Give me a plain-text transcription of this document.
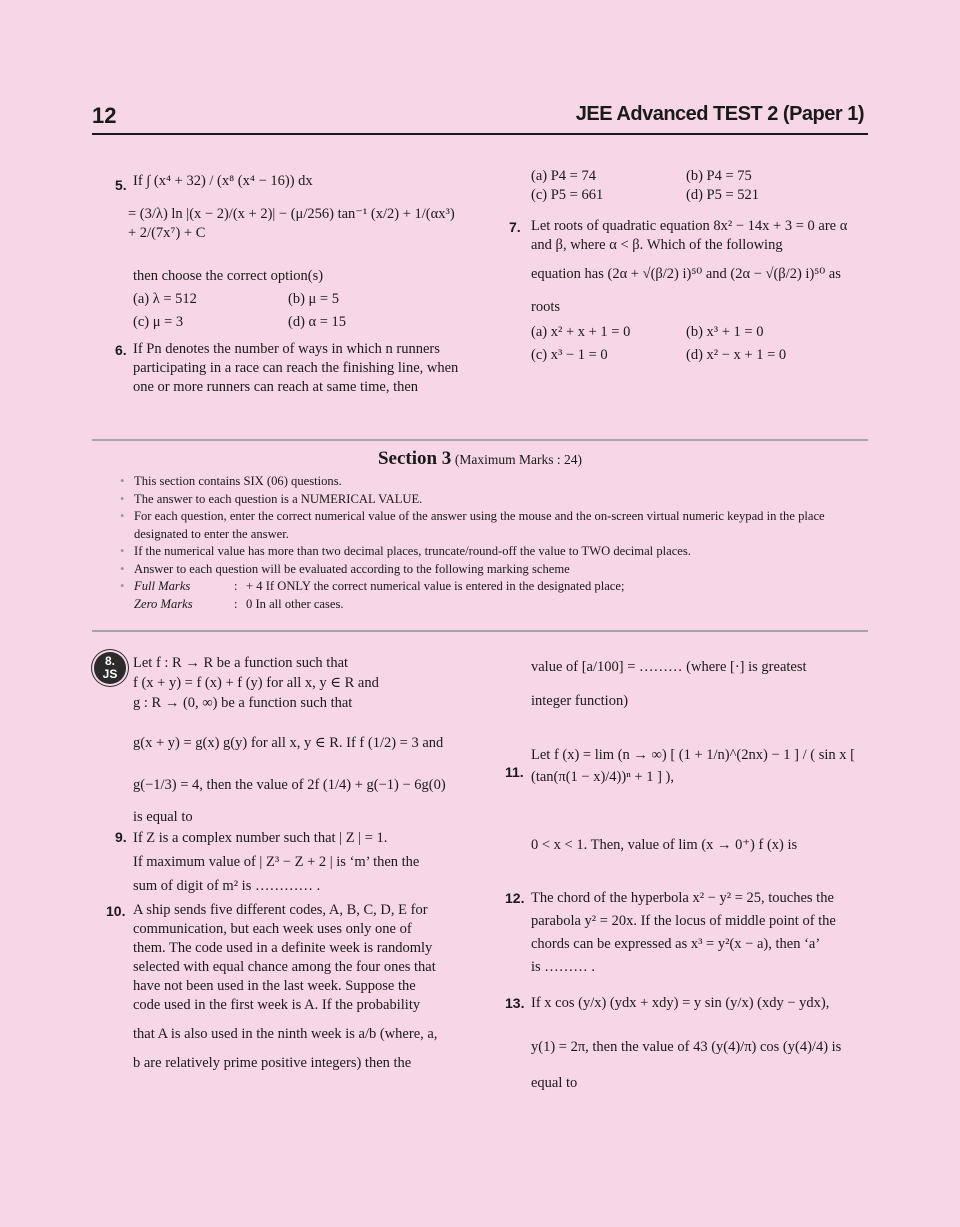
12	JEE Advanced TEST 2 (Paper 1)
5. If ∫ (x⁴ + 32) / (x⁸ (x⁴ − 16)) dx
= (3/λ) ln |(x − 2)/(x + 2)| − (μ/256) tan⁻¹ (x/2) + 1/(αx³) + 2/(7x⁷) + C
then choose the correct option(s)
(a) λ = 512	(b) μ = 5
(c) μ = 3	(d) α = 15
6. If Pn denotes the number of ways in which n runners participating in a race can reach the finishing line, when one or more runners can reach at same time, then
(a) P4 = 74	(b) P4 = 75
(c) P5 = 661	(d) P5 = 521
7. Let roots of quadratic equation 8x² − 14x + 3 = 0 are α and β, where α < β. Which of the following
equation has (2α + √(β/2) i)⁵⁰ and (2α − √(β/2) i)⁵⁰ as
roots
(a) x² + x + 1 = 0	(b) x³ + 1 = 0
(c) x³ − 1 = 0	(d) x² − x + 1 = 0
Section 3 (Maximum Marks : 24)
• This section contains SIX (06) questions.
• The answer to each question is a NUMERICAL VALUE.
• For each question, enter the correct numerical value of the answer using the mouse and the on-screen virtual numeric keypad in the place designated to enter the answer.
• If the numerical value has more than two decimal places, truncate/round-off the value to TWO decimal places.
• Answer to each question will be evaluated according to the following marking scheme
• Full Marks	: + 4 If ONLY the correct numerical value is entered in the designated place;
Zero Marks	: 0 In all other cases.
8.
JS
Let f : R → R be a function such that
f (x + y) = f (x) + f (y) for all x, y ∈ R and
g : R → (0, ∞) be a function such that
g(x + y) = g(x) g(y) for all x, y ∈ R. If f (1/2) = 3 and
g(−1/3) = 4, then the value of 2f (1/4) + g(−1) − 6g(0)
is equal to
9. If Z is a complex number such that | Z | = 1.
If maximum value of | Z³ − Z + 2 | is ‘m’ then the
sum of digit of m² is ………… .
10. A ship sends five different codes, A, B, C, D, E for
communication, but each week uses only one of
them. The code used in a definite week is randomly
selected with equal chance among the four ones that
have not been used in the last week. Suppose the
code used in the first week is A. If the probability
that A is also used in the ninth week is a/b (where, a,
b are relatively prime positive integers) then the
value of [a/100] = ……… (where [·] is greatest
integer function)
11.
Let f (x) = lim (n → ∞) [ (1 + 1/n)^(2nx) − 1 ] / ( sin x [ (tan(π(1 − x)/4))ⁿ + 1 ] ),
0 < x < 1. Then, value of lim (x → 0⁺) f (x) is
12. The chord of the hyperbola x² − y² = 25, touches the
parabola y² = 20x. If the locus of middle point of the
chords can be expressed as x³ = y²(x − a), then ‘a’
is ……… .
13. If x cos (y/x) (ydx + xdy) = y sin (y/x) (xdy − ydx),
y(1) = 2π, then the value of 43 (y(4)/π) cos (y(4)/4) is
equal to
